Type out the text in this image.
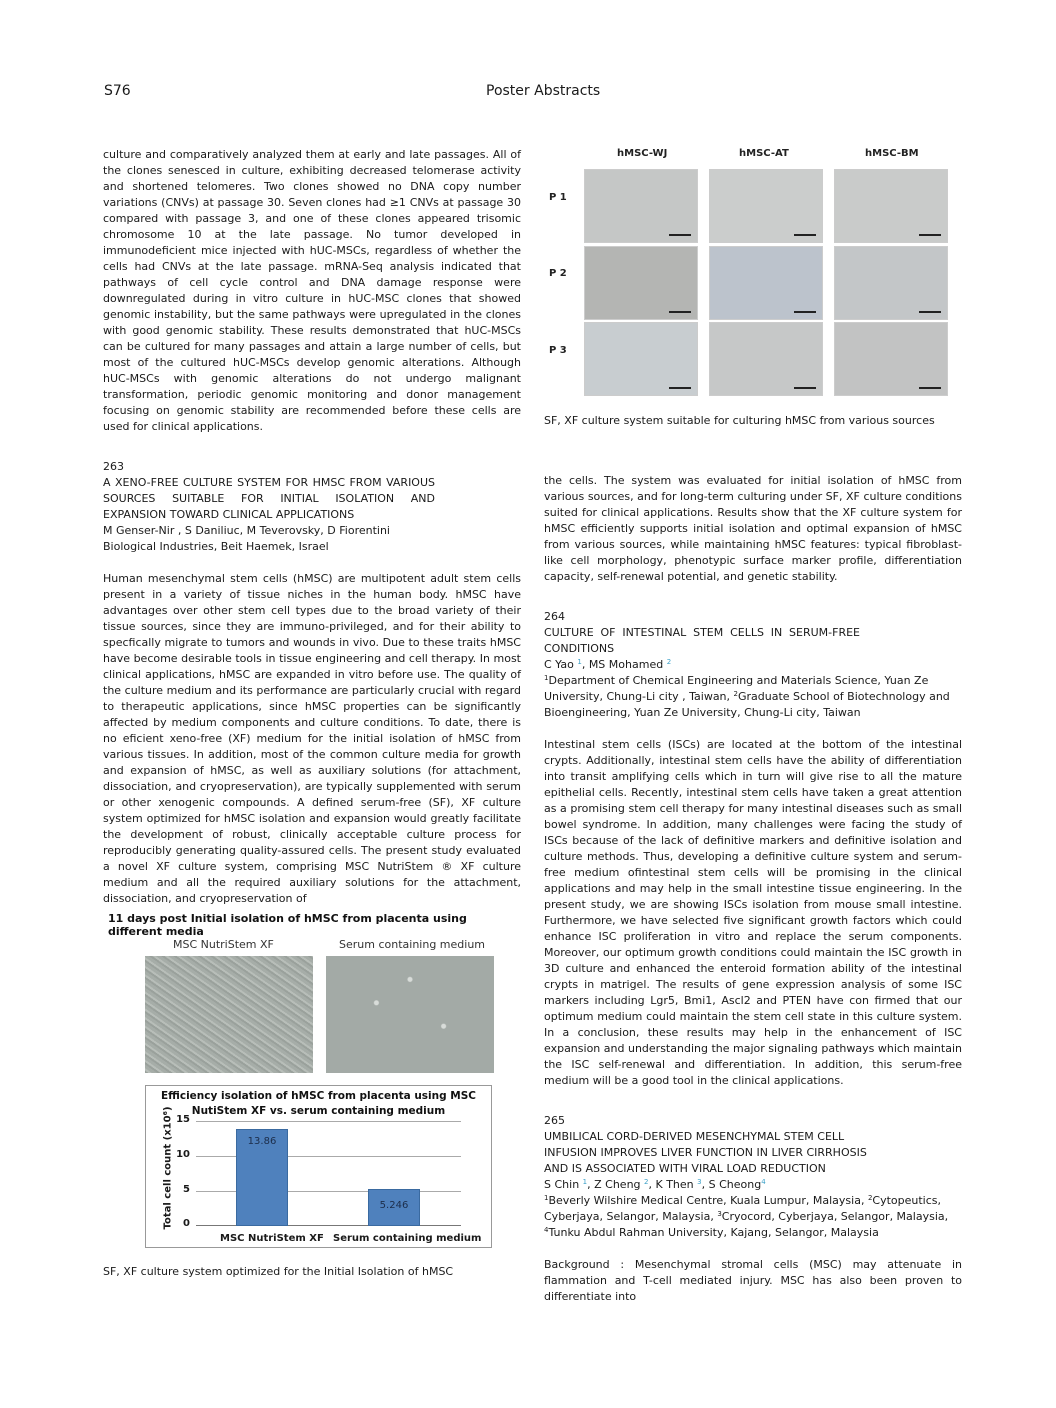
S76	Poster Abstracts

culture and comparatively analyzed them at early and late passages. All of the clones senesced in culture, exhibiting decreased telomerase activity and shortened telomeres. Two clones showed no DNA copy number variations (CNVs) at passage 30. Seven clones had ≥1 CNVs at passage 30 compared with passage 3, and one of these clones appeared trisomic chromosome 10 at the late passage. No tumor developed in immunodeficient mice injected with hUC-MSCs, regardless of whether the cells had CNVs at the late passage. mRNA-Seq analysis indicated that pathways of cell cycle control and DNA damage response were downregulated during in vitro culture in hUC-MSC clones that showed genomic instability, but the same pathways were upregulated in the clones with good genomic stability. These results demonstrated that hUC-MSCs can be cultured for many passages and attain a large number of cells, but most of the cultured hUC-MSCs develop genomic alterations. Although hUC-MSCs with genomic alterations do not undergo malignant transformation, periodic genomic monitoring and donor management focusing on genomic stability are recommended before these cells are used for clinical applications.

263

A XENO-FREE CULTURE SYSTEM FOR HMSC FROM VARIOUS SOURCES SUITABLE FOR INITIAL ISOLATION AND EXPANSION TOWARD CLINICAL APPLICATIONS

M Genser-Nir , S Daniliuc, M Teverovsky, D Fiorentini

Biological Industries, Beit Haemek, Israel

Human mesenchymal stem cells (hMSC) are multipotent adult stem cells present in a variety of tissue niches in the human body. hMSC have advantages over other stem cell types due to the broad variety of their tissue sources, since they are immuno-privileged, and for their ability to specfically migrate to tumors and wounds in vivo. Due to these traits hMSC have become desirable tools in tissue engineering and cell therapy. In most clinical applications, hMSC are expanded in vitro before use. The quality of the culture medium and its performance are particularly crucial with regard to therapeutic applications, since hMSC properties can be significantly affected by medium components and culture conditions. To date, there is no eficient xeno-free (XF) medium for the initial isolation of hMSC from various tissues. In addition, most of the common culture media for growth and expansion of hMSC, as well as auxiliary solutions (for attachment, dissociation, and cryopreservation), are typically supplemented with serum or other xenogenic compounds. A defined serum-free (SF), XF culture system optimized for hMSC isolation and expansion would greatly facilitate the development of robust, clinically acceptable culture process for reproducibly generating quality-assured cells. The present study evaluated a novel XF culture system, comprising MSC NutriStem ® XF culture medium and all the required auxiliary solutions for the attachment, dissociation, and cryopreservation of

11 days post Initial isolation of hMSC from placenta using different media
MSC NutriStem XF	Serum containing medium
Efficiency isolation of hMSC from placenta using MSC NutiStem XF vs. serum containing medium
Total cell count (x10⁶) 15
10
5
0
13.86
5.246
MSC NutriStem XF Serum containing medium
SF, XF culture system optimized for the Initial Isolation of hMSC
hMSC-WJ	hMSC-AT	hMSC-BM
P 1
P 2
P 3
SF, XF culture system suitable for culturing hMSC from various sources

the cells. The system was evaluated for initial isolation of hMSC from various sources, and for long-term culturing under SF, XF culture conditions suited for clinical applications. Results show that the XF culture system for hMSC efficiently supports initial isolation and optimal expansion of hMSC from various sources, while maintaining hMSC features: typical fibroblast-like cell morphology, phenotypic surface marker profile, differentiation capacity, self-renewal potential, and genetic stability.

264

CULTURE OF INTESTINAL STEM CELLS IN SERUM-FREE CONDITIONS

C Yao $^1$, MS Mohamed $^2$

$^1$Department of Chemical Engineering and Materials Science, Yuan Ze University, Chung-Li city , Taiwan, $^2$Graduate School of Biotechnology and Bioengineering, Yuan Ze University, Chung-Li city, Taiwan

Intestinal stem cells (ISCs) are located at the bottom of the intestinal crypts. Additionally, intestinal stem cells have the ability of differentiation into transit amplifying cells which in turn will give rise to all the mature epithelial cells. Recently, intestinal stem cells have taken a great attention as a promising stem cell therapy for many intestinal diseases such as small bowel syndrome. In addition, many challenges were facing the study of ISCs because of the lack of definitive markers and definitive isolation and culture methods. Thus, developing a definitive culture system and serum-free medium ofintestinal stem cells will be promising in the clinical applications and may help in the small intestine tissue engineering. In the present study, we are showing ISCs isolation from mouse small intestine. Furthermore, we have selected five significant growth factors which could enhance ISC proliferation in vitro and replace the serum components. Moreover, our optimum growth conditions could maintain the ISC growth in 3D culture and enhanced the enteroid formation ability of the intestinal crypts in matrigel. The results of gene expression analysis of some ISC markers including Lgr5, Bmi1, Ascl2 and PTEN have con firmed that our optimum medium could maintain the stem cell state in this culture system. In a conclusion, these results may help in the enhancement of ISC expansion and understanding the major signaling pathways which maintain the ISC self-renewal and differentiation. In addition, this serum-free medium will be a good tool in the clinical applications.

265

UMBILICAL CORD-DERIVED MESENCHYMAL STEM CELL INFUSION IMPROVES LIVER FUNCTION IN LIVER CIRRHOSIS AND IS ASSOCIATED WITH VIRAL LOAD REDUCTION

S Chin $^1$, Z Cheng $^2$, K Then $^3$, S Cheong$^4$

$^1$Beverly Wilshire Medical Centre, Kuala Lumpur, Malaysia, $^2$Cytopeutics, Cyberjaya, Selangor, Malaysia, $^3$Cryocord, Cyberjaya, Selangor, Malaysia, $^4$Tunku Abdul Rahman University, Kajang, Selangor, Malaysia

Background : Mesenchymal stromal cells (MSC) may attenuate in flammation and T-cell mediated injury. MSC has also been proven to differentiate into
